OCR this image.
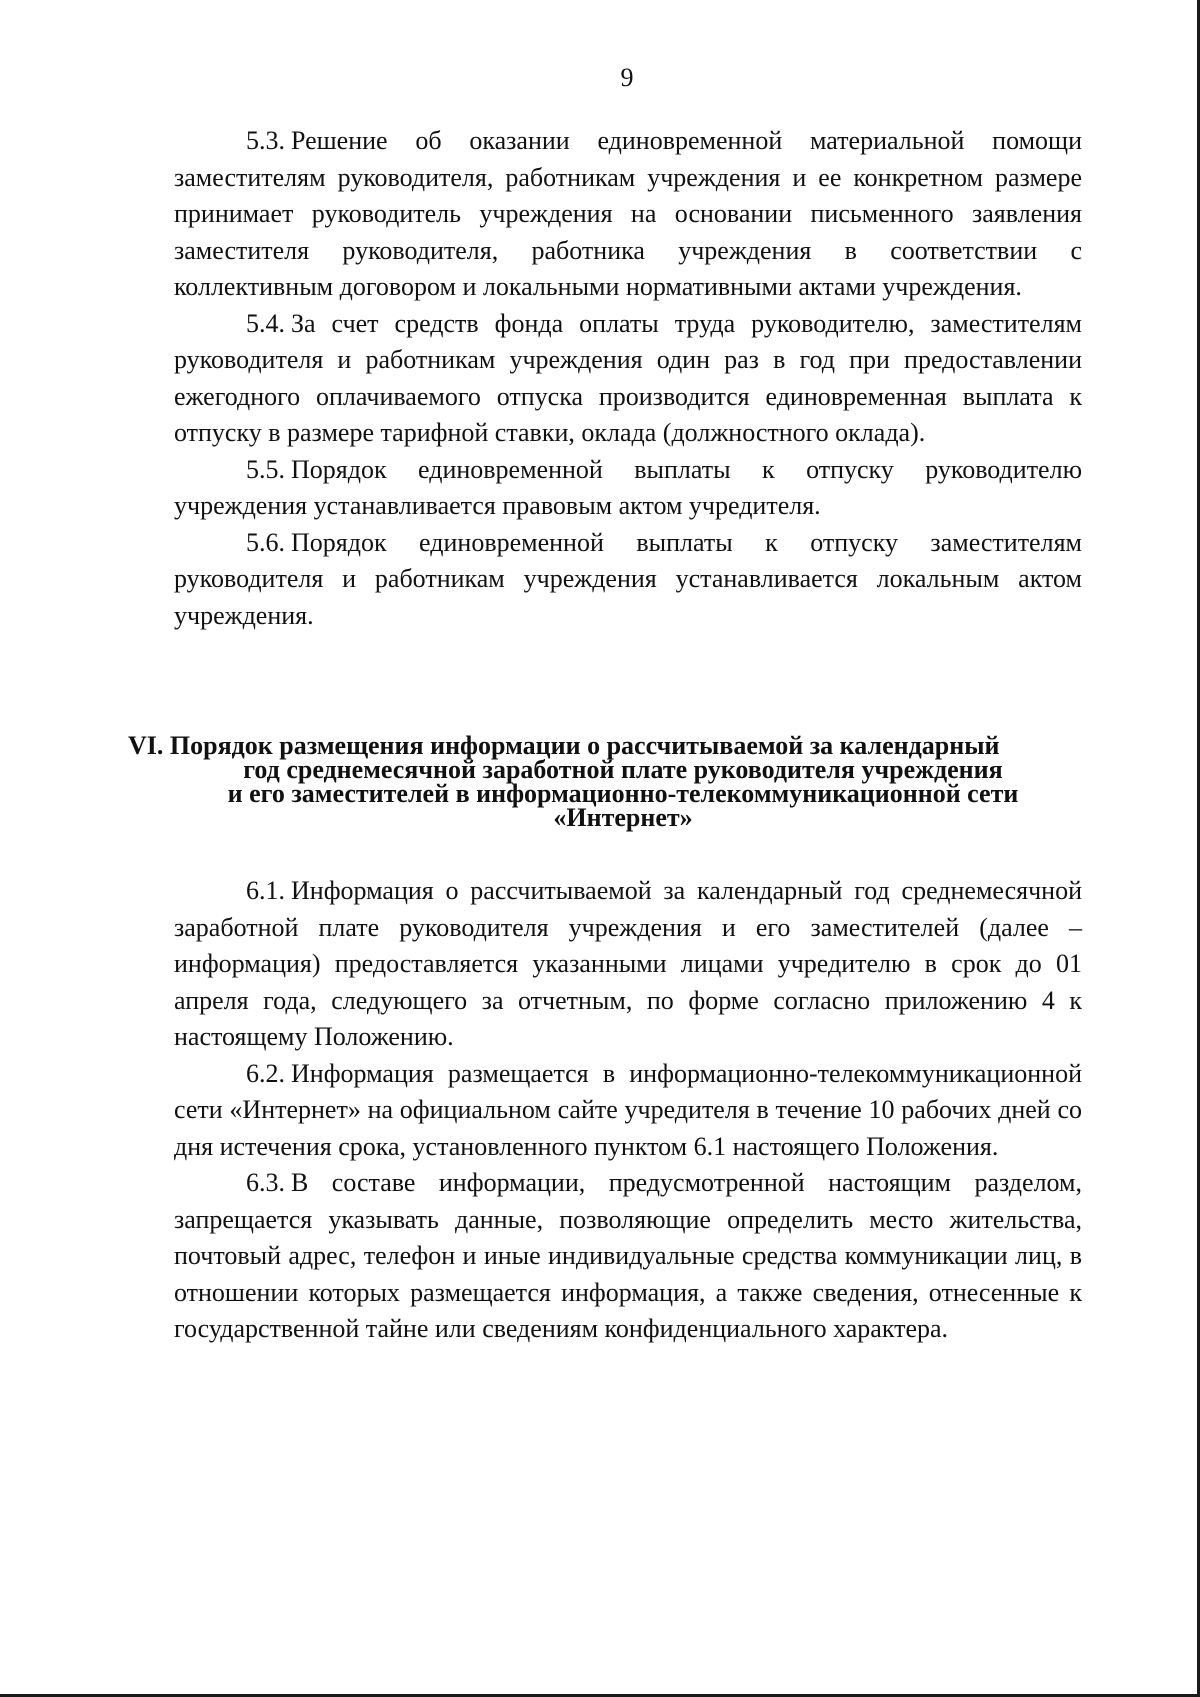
9

5.3. Решение об оказании единовременной материальной помощи заместителям руководителя, работникам учреждения и ее конкретном размере принимает руководитель учреждения на основании письменного заявления заместителя руководителя, работника учреждения в соответствии с коллективным договором и локальными нормативными актами учреждения.

5.4. За счет средств фонда оплаты труда руководителю, заместителям руководителя и работникам учреждения один раз в год при предоставлении ежегодного оплачиваемого отпуска производится единовременная выплата к отпуску в размере тарифной ставки, оклада (должностного оклада).

5.5. Порядок единовременной выплаты к отпуску руководителю учреждения устанавливается правовым актом учредителя.

5.6. Порядок единовременной выплаты к отпуску заместителям руководителя и работникам учреждения устанавливается локальным актом учреждения.

VI. Порядок размещения информации о рассчитываемой за календарный
год среднемесячной заработной плате руководителя учреждения
и его заместителей в информационно-телекоммуникационной сети
«Интернет»

6.1. Информация о рассчитываемой за календарный год среднемесячной заработной плате руководителя учреждения и его заместителей (далее – информация) предоставляется указанными лицами учредителю в срок до 01 апреля года, следующего за отчетным, по форме согласно приложению 4 к настоящему Положению.

6.2. Информация размещается в информационно-телекоммуникационной сети «Интернет» на официальном сайте учредителя в течение 10 рабочих дней со дня истечения срока, установленного пунктом 6.1 настоящего Положения.

6.3. В составе информации, предусмотренной настоящим разделом, запрещается указывать данные, позволяющие определить место жительства, почтовый адрес, телефон и иные индивидуальные средства коммуникации лиц, в отношении которых размещается информация, а также сведения, отнесенные к государственной тайне или сведениям конфиденциального характера.
